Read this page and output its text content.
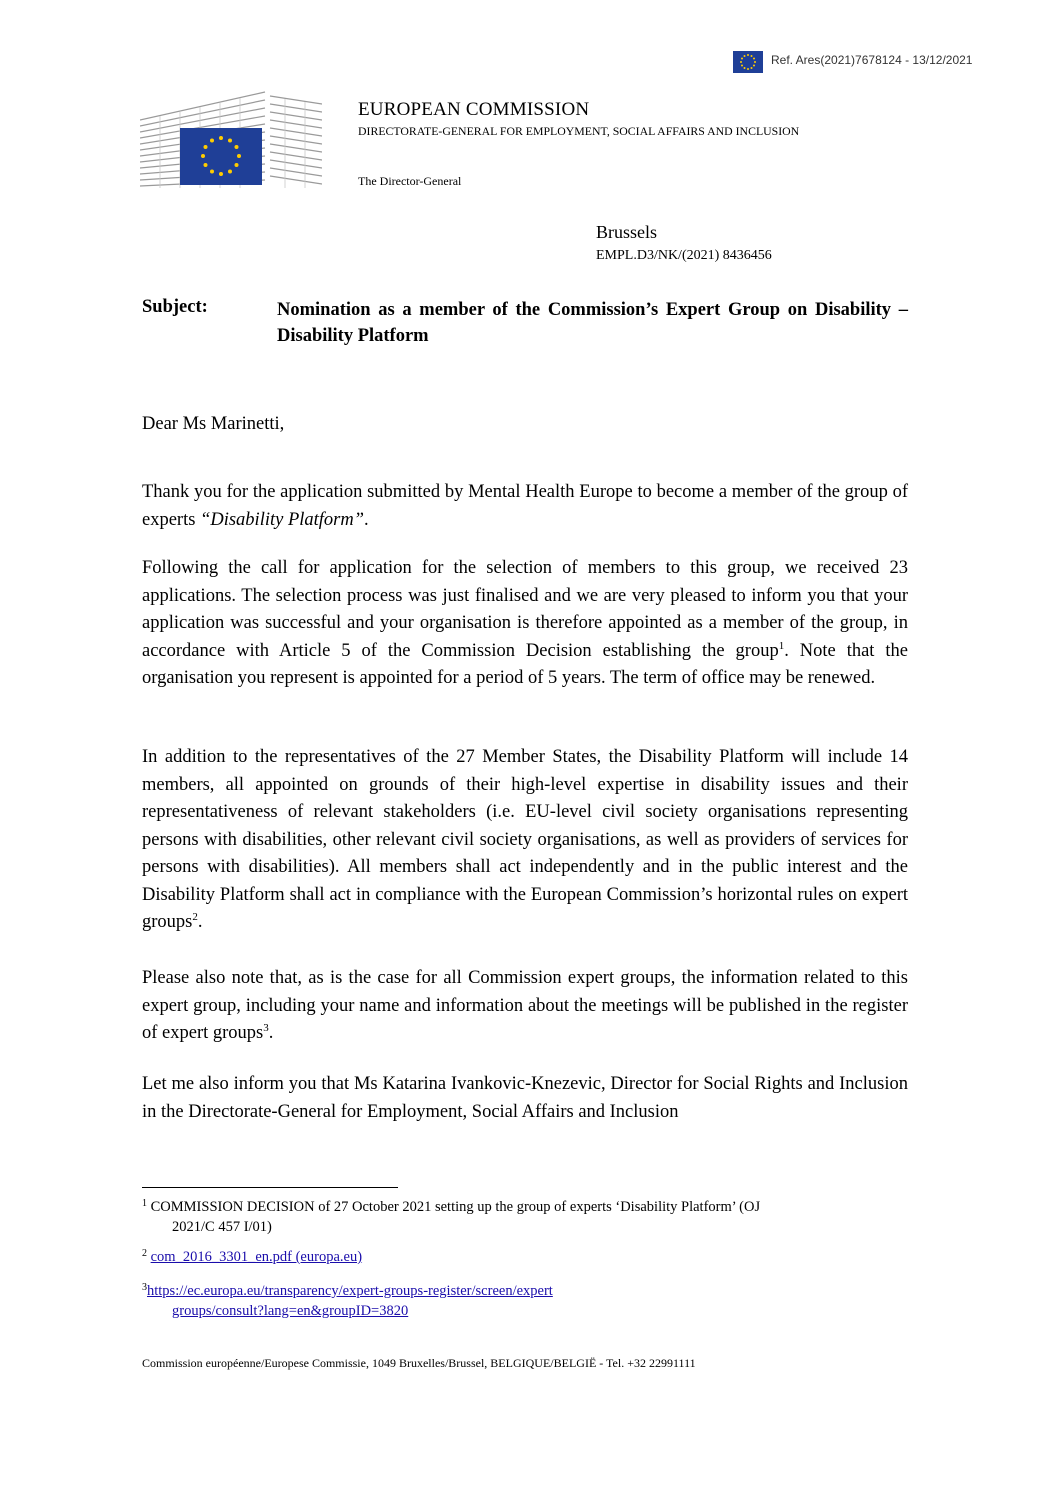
Ref. Ares(2021)7678124 - 13/12/2021
EUROPEAN COMMISSION
DIRECTORATE-GENERAL FOR EMPLOYMENT, SOCIAL AFFAIRS AND INCLUSION
The Director-General
Brussels
EMPL.D3/NK/(2021) 8436456
Subject:	Nomination as a member of the Commission’s Expert Group on Disability – Disability Platform
Dear Ms Marinetti,
Thank you for the application submitted by Mental Health Europe to become a member of the group of experts “Disability Platform”.
Following the call for application for the selection of members to this group, we received 23 applications. The selection process was just finalised and we are very pleased to inform you that your application was successful and your organisation is therefore appointed as a member of the group, in accordance with Article 5 of the Commission Decision establishing the group$^1$. Note that the organisation you represent is appointed for a period of 5 years. The term of office may be renewed.
In addition to the representatives of the 27 Member States, the Disability Platform will include 14 members, all appointed on grounds of their high-level expertise in disability issues and their representativeness of relevant stakeholders (i.e. EU-level civil society organisations representing persons with disabilities, other relevant civil society organisations, as well as providers of services for persons with disabilities). All members shall act independently and in the public interest and the Disability Platform shall act in compliance with the European Commission’s horizontal rules on expert groups$^2$.
Please also note that, as is the case for all Commission expert groups, the information related to this expert group, including your name and information about the meetings will be published in the register of expert groups$^3$.
Let me also inform you that Ms Katarina Ivankovic-Knezevic, Director for Social Rights and Inclusion in the Directorate-General for Employment, Social Affairs and Inclusion
$^1$ COMMISSION DECISION of 27 October 2021 setting up the group of experts ‘Disability Platform’ (OJ
2021/C 457 I/01)
$^2$ com_2016_3301_en.pdf (europa.eu)
$^3$https://ec.europa.eu/transparency/expert-groups-register/screen/expert
groups/consult?lang=en&groupID=3820
Commission européenne/Europese Commissie, 1049 Bruxelles/Brussel, BELGIQUE/BELGIË - Tel. +32 22991111
